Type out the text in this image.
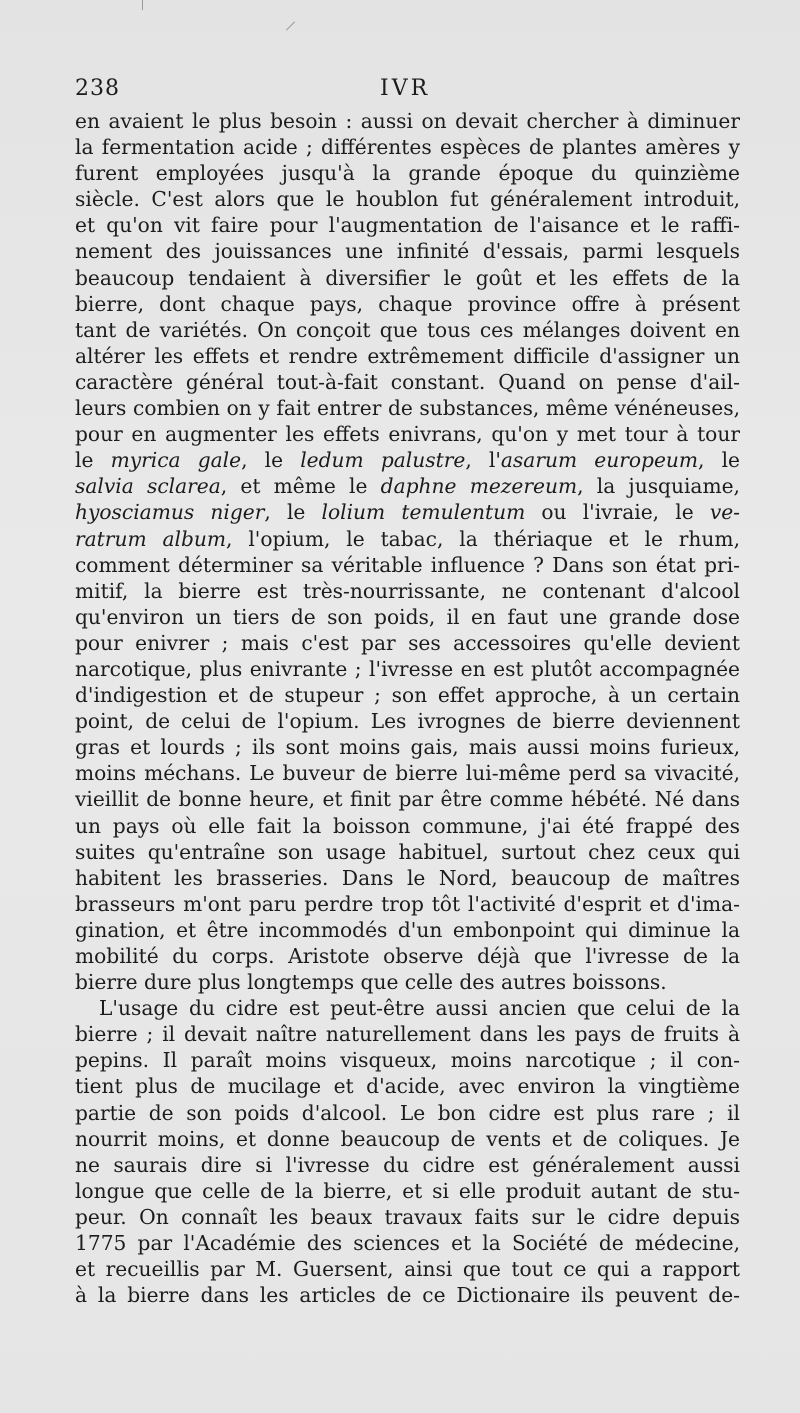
238	IVR
en avaient le plus besoin : aussi on devait chercher à diminuer
la fermentation acide ; différentes espèces de plantes amères y
furent employées jusqu'à la grande époque du quinzième
siècle. C'est alors que le houblon fut généralement introduit,
et qu'on vit faire pour l'augmentation de l'aisance et le raffi-
nement des jouissances une infinité d'essais, parmi lesquels
beaucoup tendaient à diversifier le goût et les effets de la
bierre, dont chaque pays, chaque province offre à présent
tant de variétés. On conçoit que tous ces mélanges doivent en
altérer les effets et rendre extrêmement difficile d'assigner un
caractère général tout-à-fait constant. Quand on pense d'ail-
leurs combien on y fait entrer de substances, même vénéneuses,
pour en augmenter les effets enivrans, qu'on y met tour à tour
le myrica gale, le ledum palustre, l'asarum europeum, le
salvia sclarea, et même le daphne mezereum, la jusquiame,
hyosciamus niger, le lolium temulentum ou l'ivraie, le ve-
ratrum album, l'opium, le tabac, la thériaque et le rhum,
comment déterminer sa véritable influence ? Dans son état pri-
mitif, la bierre est très-nourrissante, ne contenant d'alcool
qu'environ un tiers de son poids, il en faut une grande dose
pour enivrer ; mais c'est par ses accessoires qu'elle devient
narcotique, plus enivrante ; l'ivresse en est plutôt accompagnée
d'indigestion et de stupeur ; son effet approche, à un certain
point, de celui de l'opium. Les ivrognes de bierre deviennent
gras et lourds ; ils sont moins gais, mais aussi moins furieux,
moins méchans. Le buveur de bierre lui-même perd sa vivacité,
vieillit de bonne heure, et finit par être comme hébété. Né dans
un pays où elle fait la boisson commune, j'ai été frappé des
suites qu'entraîne son usage habituel, surtout chez ceux qui
habitent les brasseries. Dans le Nord, beaucoup de maîtres
brasseurs m'ont paru perdre trop tôt l'activité d'esprit et d'ima-
gination, et être incommodés d'un embonpoint qui diminue la
mobilité du corps. Aristote observe déjà que l'ivresse de la
bierre dure plus longtemps que celle des autres boissons.
L'usage du cidre est peut-être aussi ancien que celui de la
bierre ; il devait naître naturellement dans les pays de fruits à
pepins. Il paraît moins visqueux, moins narcotique ; il con-
tient plus de mucilage et d'acide, avec environ la vingtième
partie de son poids d'alcool. Le bon cidre est plus rare ; il
nourrit moins, et donne beaucoup de vents et de coliques. Je
ne saurais dire si l'ivresse du cidre est généralement aussi
longue que celle de la bierre, et si elle produit autant de stu-
peur. On connaît les beaux travaux faits sur le cidre depuis
1775 par l'Académie des sciences et la Société de médecine,
et recueillis par M. Guersent, ainsi que tout ce qui a rapport
à la bierre dans les articles de ce Dictionaire ils peuvent de-
